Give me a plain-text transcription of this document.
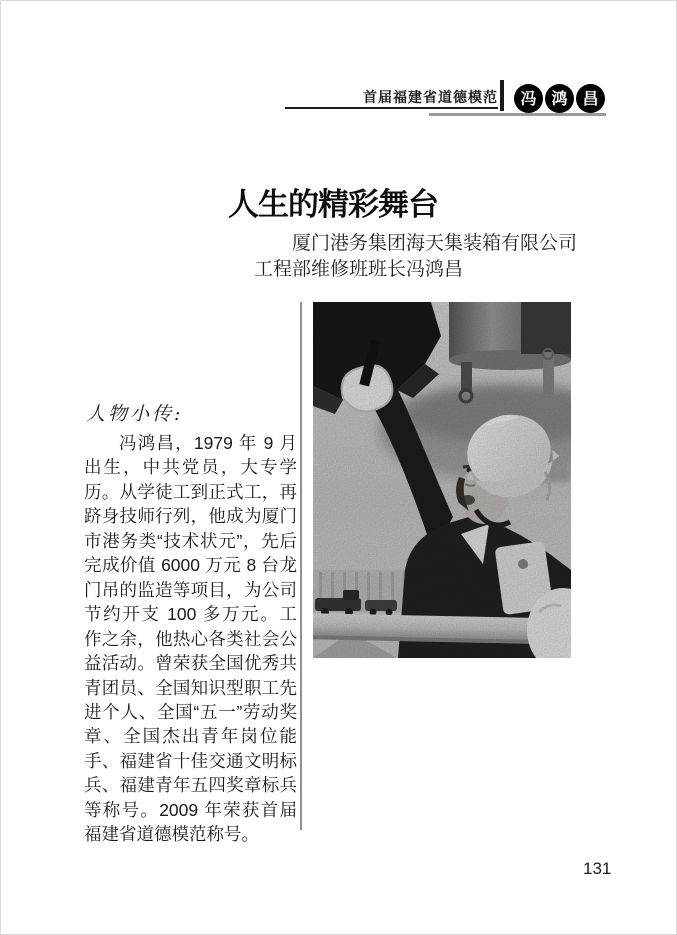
首届福建省道德模范	冯 鸿 昌
人生的精彩舞台
厦门港务集团海天集装箱有限公司
工程部维修班班长冯鸿昌
人物小传:

冯鸿昌，1979 年 9 月出生，中共党员，大专学历。从学徒工到正式工，再跻身技师行列，他成为厦门市港务类“技术状元”，先后完成价值 6000 万元 8 台龙门吊的监造等项目，为公司节约开支 100 多万元。工作之余，他热心各类社会公益活动。曾荣获全国优秀共青团员、全国知识型职工先进个人、全国“五一”劳动奖章、全国杰出青年岗位能手、福建省十佳交通文明标兵、福建青年五四奖章标兵等称号。2009 年荣获首届福建省道德模范称号。

131
